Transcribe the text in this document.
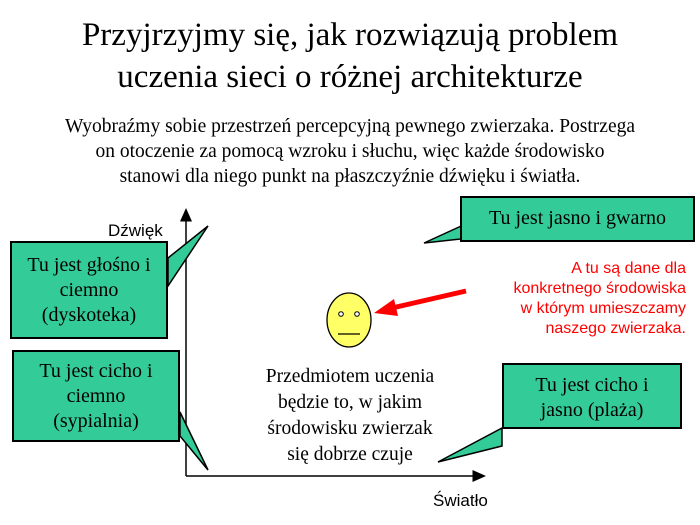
Przyjrzyjmy się, jak rozwiązują problem
uczenia sieci o różnej architekturze
Wyobraźmy sobie przestrzeń percepcyjną pewnego zwierzaka. Postrzega
on otoczenie za pomocą wzroku i słuchu, więc każde środowisko
stanowi dla niego punkt na płaszczyźnie dźwięku i światła.
Dźwięk
Światło
Tu jest jasno i gwarno
Tu jest głośno i
ciemno
(dyskoteka)
Tu jest cicho i
ciemno
(sypialnia)
Tu jest cicho i
jasno (plaża)
Przedmiotem uczenia
będzie to, w jakim
środowisku zwierzak
się dobrze czuje
A tu są dane dla
konkretnego środowiska
w którym umieszczamy
naszego zwierzaka.
